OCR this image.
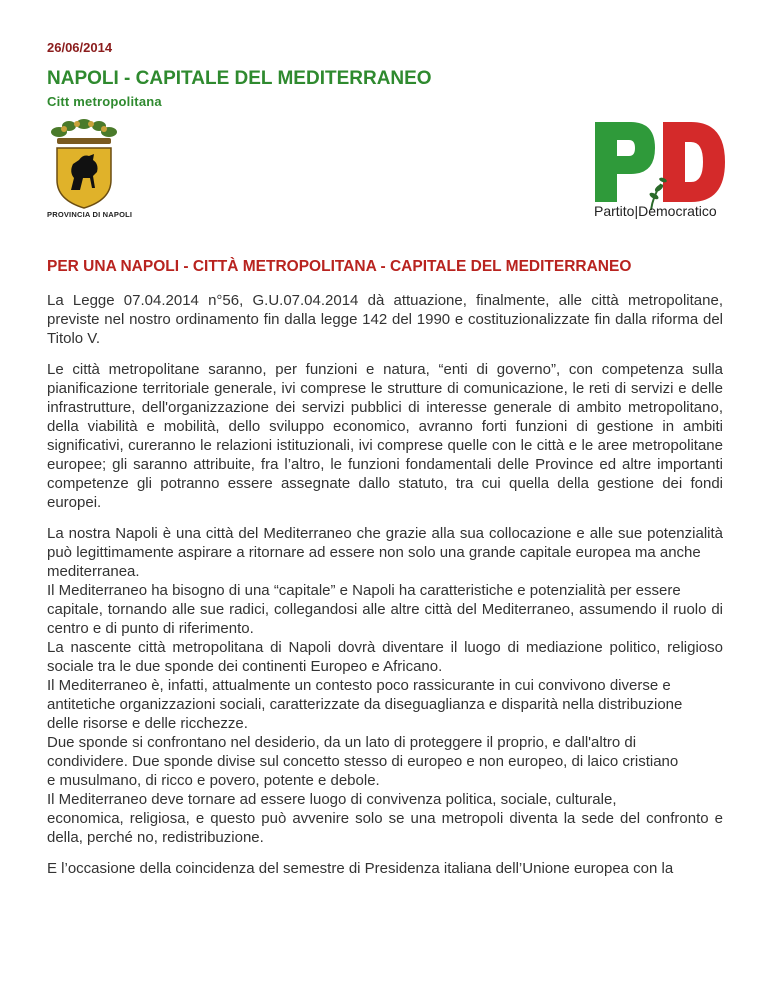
26/06/2014
NAPOLI - CAPITALE DEL MEDITERRANEO
Citt metropolitana
PROVINCIA DI NAPOLI	Partito|Democratico
PER UNA NAPOLI - CITTÀ METROPOLITANA - CAPITALE DEL MEDITERRANEO

La Legge 07.04.2014 n°56, G.U.07.04.2014 dà attuazione, finalmente, alle città metropolitane, previste nel nostro ordinamento fin dalla legge 142 del 1990 e costituzionalizzate fin dalla riforma del Titolo V.

Le città metropolitane saranno, per funzioni e natura, “enti di governo”, con competenza sulla pianificazione territoriale generale, ivi comprese le strutture di comunicazione, le reti di servizi e delle infrastrutture, dell'organizzazione dei servizi pubblici di interesse generale di ambito metropolitano, della viabilità e mobilità, dello sviluppo economico, avranno forti funzioni di gestione in ambiti significativi, cureranno le relazioni istituzionali, ivi comprese quelle con le città e le aree metropolitane europee; gli saranno attribuite, fra l’altro, le funzioni fondamentali delle Province ed altre importanti competenze gli potranno essere assegnate dallo statuto, tra cui quella della gestione dei fondi europei.

La nostra Napoli è una città del Mediterraneo che grazie alla sua collocazione e alle sue potenzialità può legittimamente aspirare a ritornare ad essere non solo una grande capitale europea ma anche
mediterranea.
Il Mediterraneo ha bisogno di una “capitale” e Napoli ha caratteristiche e potenzialità per essere
capitale, tornando alle sue radici, collegandosi alle altre città del Mediterraneo, assumendo il ruolo di centro e di punto di riferimento.
La nascente città metropolitana di Napoli dovrà diventare il luogo di mediazione politico, religioso sociale tra le due sponde dei continenti Europeo e Africano.
Il Mediterraneo è, infatti, attualmente un contesto poco rassicurante in cui convivono diverse e
antitetiche organizzazioni sociali, caratterizzate da diseguaglianza e disparità nella distribuzione
delle risorse e delle ricchezze.
Due sponde si confrontano nel desiderio, da un lato di proteggere il proprio, e dall'altro di
condividere. Due sponde divise sul concetto stesso di europeo e non europeo, di laico cristiano
e musulmano, di ricco e povero, potente e debole.
Il Mediterraneo deve tornare ad essere luogo di convivenza politica, sociale, culturale,
economica, religiosa, e questo può avvenire solo se una metropoli diventa la sede del confronto e della, perché no, redistribuzione.

E l’occasione della coincidenza del semestre di Presidenza italiana dell’Unione europea con la
